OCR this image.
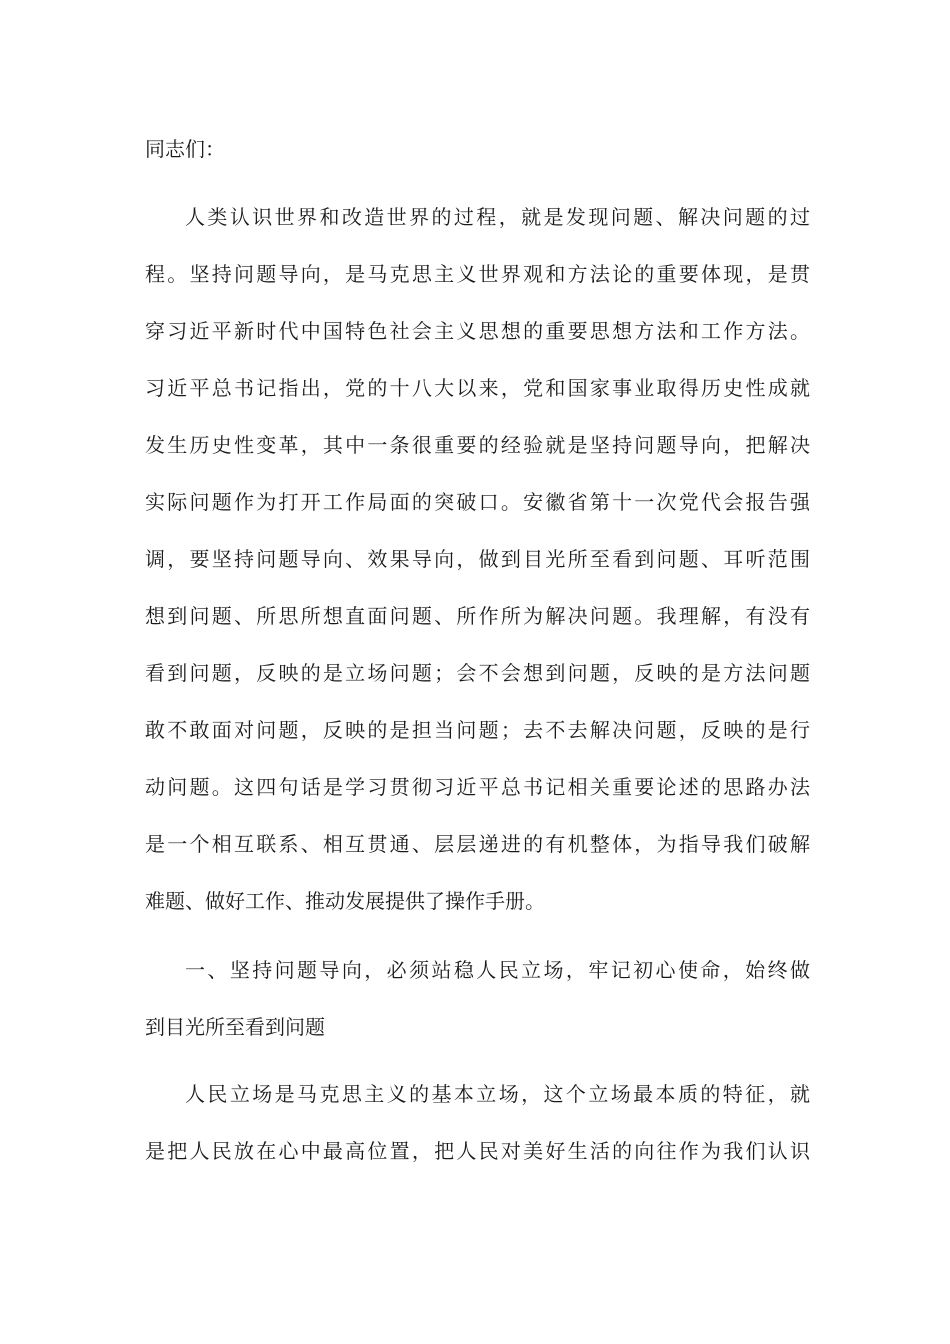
同志们：
人类认识世界和改造世界的过程，就是发现问题、解决问题的过
程。坚持问题导向，是马克思主义世界观和方法论的重要体现，是贯
穿习近平新时代中国特色社会主义思想的重要思想方法和工作方法。
习近平总书记指出，党的十八大以来，党和国家事业取得历史性成就
发生历史性变革，其中一条很重要的经验就是坚持问题导向，把解决
实际问题作为打开工作局面的突破口。安徽省第十一次党代会报告强
调，要坚持问题导向、效果导向，做到目光所至看到问题、耳听范围
想到问题、所思所想直面问题、所作所为解决问题。我理解，有没有
看到问题，反映的是立场问题；会不会想到问题，反映的是方法问题
敢不敢面对问题，反映的是担当问题；去不去解决问题，反映的是行
动问题。这四句话是学习贯彻习近平总书记相关重要论述的思路办法
是一个相互联系、相互贯通、层层递进的有机整体，为指导我们破解
难题、做好工作、推动发展提供了操作手册。
一、坚持问题导向，必须站稳人民立场，牢记初心使命，始终做
到目光所至看到问题
人民立场是马克思主义的基本立场，这个立场最本质的特征，就
是把人民放在心中最高位置，把人民对美好生活的向往作为我们认识
